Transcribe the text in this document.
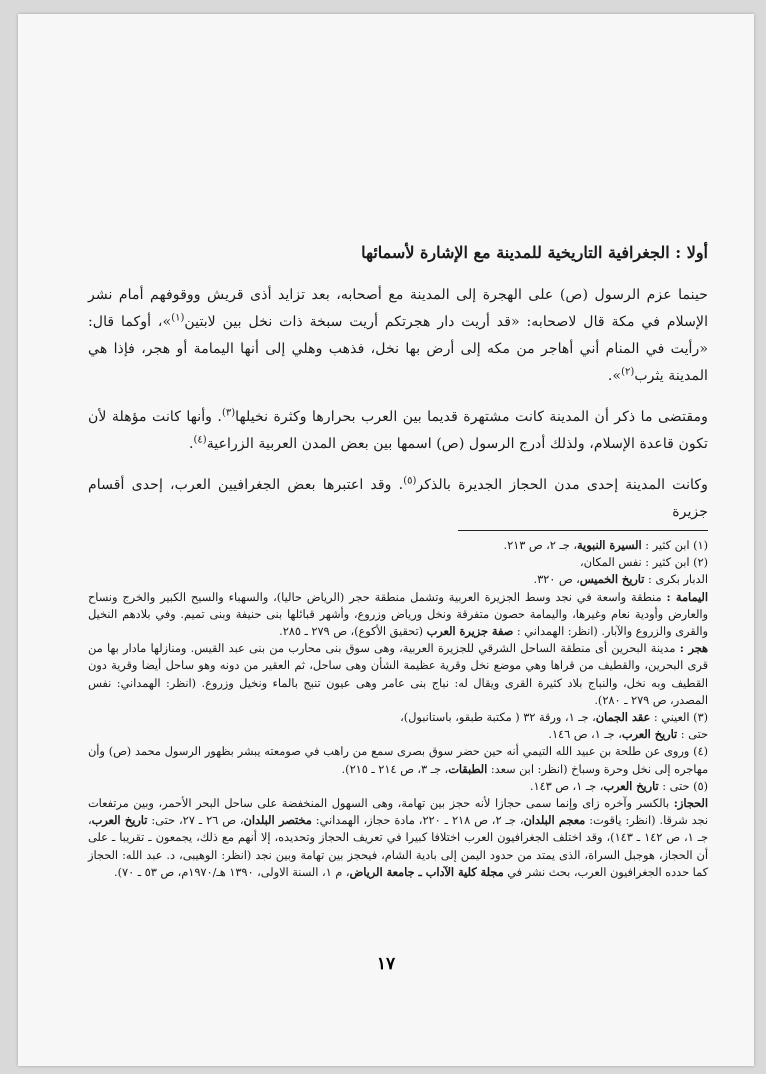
أولا : الجغرافية التاريخية للمدينة مع الإشارة لأسمائها

حينما عزم الرسول (ص) على الهجرة إلى المدينة مع أصحابه، بعد تزايد أذى قريش ووقوفهم أمام نشر الإسلام في مكة قال لاصحابه: «قد أريت دار هجرتكم أريت سبخة ذات نخل بين لابتين$^{(١)}$»، أوكما قال: «رأيت في المنام أني أهاجر من مكه إلى أرض بها نخل، فذهب وهلي إلى أنها اليمامة أو هجر، فإذا هي المدينة يثرب$^{(٢)}$».

ومقتضى ما ذكر أن المدينة كانت مشتهرة قديما بين العرب بحرارها وكثرة نخيلها$^{(٣)}$. وأنها كانت مؤهلة لأن تكون قاعدة الإسلام، ولذلك أدرج الرسول (ص) اسمها بين بعض المدن العربية الزراعية$^{(٤)}$.

وكانت المدينة إحدى مدن الحجاز الجديرة بالذكر$^{(٥)}$. وقد اعتبرها بعض الجغرافيين العرب، إحدى أقسام جزيرة

(١) ابن كثير : السيرة النبوية، جـ ٢، ص ٢١٣.

(٢) ابن كثير : نفس المكان،

الدبار بكرى : تاريخ الخميس، ص ٣٢٠.

اليمامة : منطقة واسعة في نجد وسط الجزيرة العربية وتشمل منطقة حجر (الرياض حاليا)، والسهباء والسيح الكبير والخرج ونساح والعارض وأودية نعام وغيرها، واليمامة حصون متفرقة ونخل ورياض وزروع، وأشهر قبائلها بنى حنيفة وبنى تميم. وفي بلادهم النخيل والقرى والزروع والآبار. (انظر: الهمداني : صفة جزيرة العرب (تحقيق الأكوع)، ص ٢٧٩ ـ ٢٨٥.

هجر : مدينة البحرين أى منطقة الساحل الشرقي للجزيرة العربية، وهى سوق بنى محارب من بنى عبد القيس. ومنازلها مادار بها من قرى البحرين، والقطيف من قراها وهي موضع نخل وقرية عظيمة الشأن وهى ساحل، ثم العقير من دونه وهو ساحل أيضا وقرية دون القطيف وبه نخل، والنباج بلاد كثيرة القرى ويقال له: نباج بنى عامر وهى عيون تنبج بالماء ونخيل وزروع. (انظر: الهمداني: نفس المصدر، ص ٢٧٩ ـ ٢٨٠).

(٣) العيني : عقد الجمان، جـ ١، ورقة ٣٢ ( مكتبة طبقو، باستانبول)،

حتى : تاريخ العرب، جـ ١، ص ١٤٦.

(٤) وروى عن طلحة بن عبيد الله التيمي أنه حين حضر سوق بصرى سمع من راهب في صومعته يبشر بظهور الرسول محمد (ص) وأن مهاجره إلى نخل وحرة وسباخ (انظر: ابن سعد: الطبقات، جـ ٣، ص ٢١٤ ـ ٢١٥).

(٥) حتى : تاريخ العرب، جـ ١، ص ١٤٣.

الحجاز: بالكسر وآخره زاى وإنما سمى حجازا لأنه حجز بين تهامة، وهى السهول المنخفضة على ساحل البحر الأحمر، وبين مرتفعات نجد شرقا. (انظر: ياقوت: معجم البلدان، جـ ٢، ص ٢١٨ ـ ٢٢٠، مادة حجاز، الهمداني: مختصر البلدان، ص ٢٦ ـ ٢٧، حتى: تاريخ العرب، جـ ١، ص ١٤٢ ـ ١٤٣)، وقد اختلف الجغرافيون العرب اختلافا كبيرا في تعريف الحجاز وتحديده، إلا أنهم مع ذلك، يجمعون ـ تقريبا ـ على أن الحجاز، هوجبل السراة، الذى يمتد من حدود اليمن إلى بادية الشام، فيحجز بين تهامة وبين نجد (انظر: الوهيبى، د. عبد الله: الحجاز كما حدده الجغرافيون العرب، بحث نشر في مجلة كلية الآداب ـ جامعة الرياض، م ١، السنة الاولى، ١٣٩٠ هـ/١٩٧٠م، ص ٥٣ ـ ٧٠).

١٧
